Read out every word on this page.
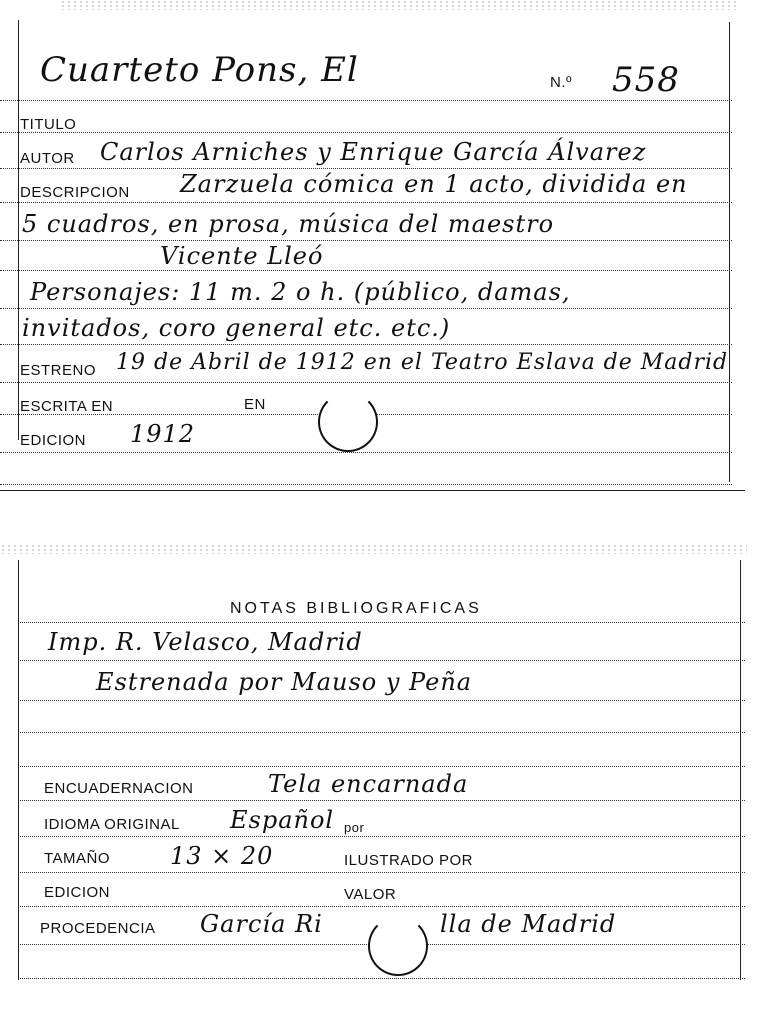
Cuarteto Pons, El	N.º 558
TITULO
AUTOR Carlos Arniches y Enrique García Álvarez
DESCRIPCION Zarzuela cómica en 1 acto, dividida en
5 cuadros, en prosa, música del maestro
Vicente Lleó
Personajes: 11 m. 2 o h. (público, damas,
invitados, coro general etc. etc.)
ESTRENO 19 de Abril de 1912 en el Teatro Eslava de Madrid
ESCRITA EN	EN
EDICION 1912
NOTAS BIBLIOGRAFICAS
Imp. R. Velasco, Madrid
Estrenada por Mauso y Peña
ENCUADERNACION	Tela encarnada
IDIOMA ORIGINAL Español por
TAMAÑO 13 × 20	ILUSTRADO POR
EDICION	VALOR
PROCEDENCIA García Ri	lla de Madrid
